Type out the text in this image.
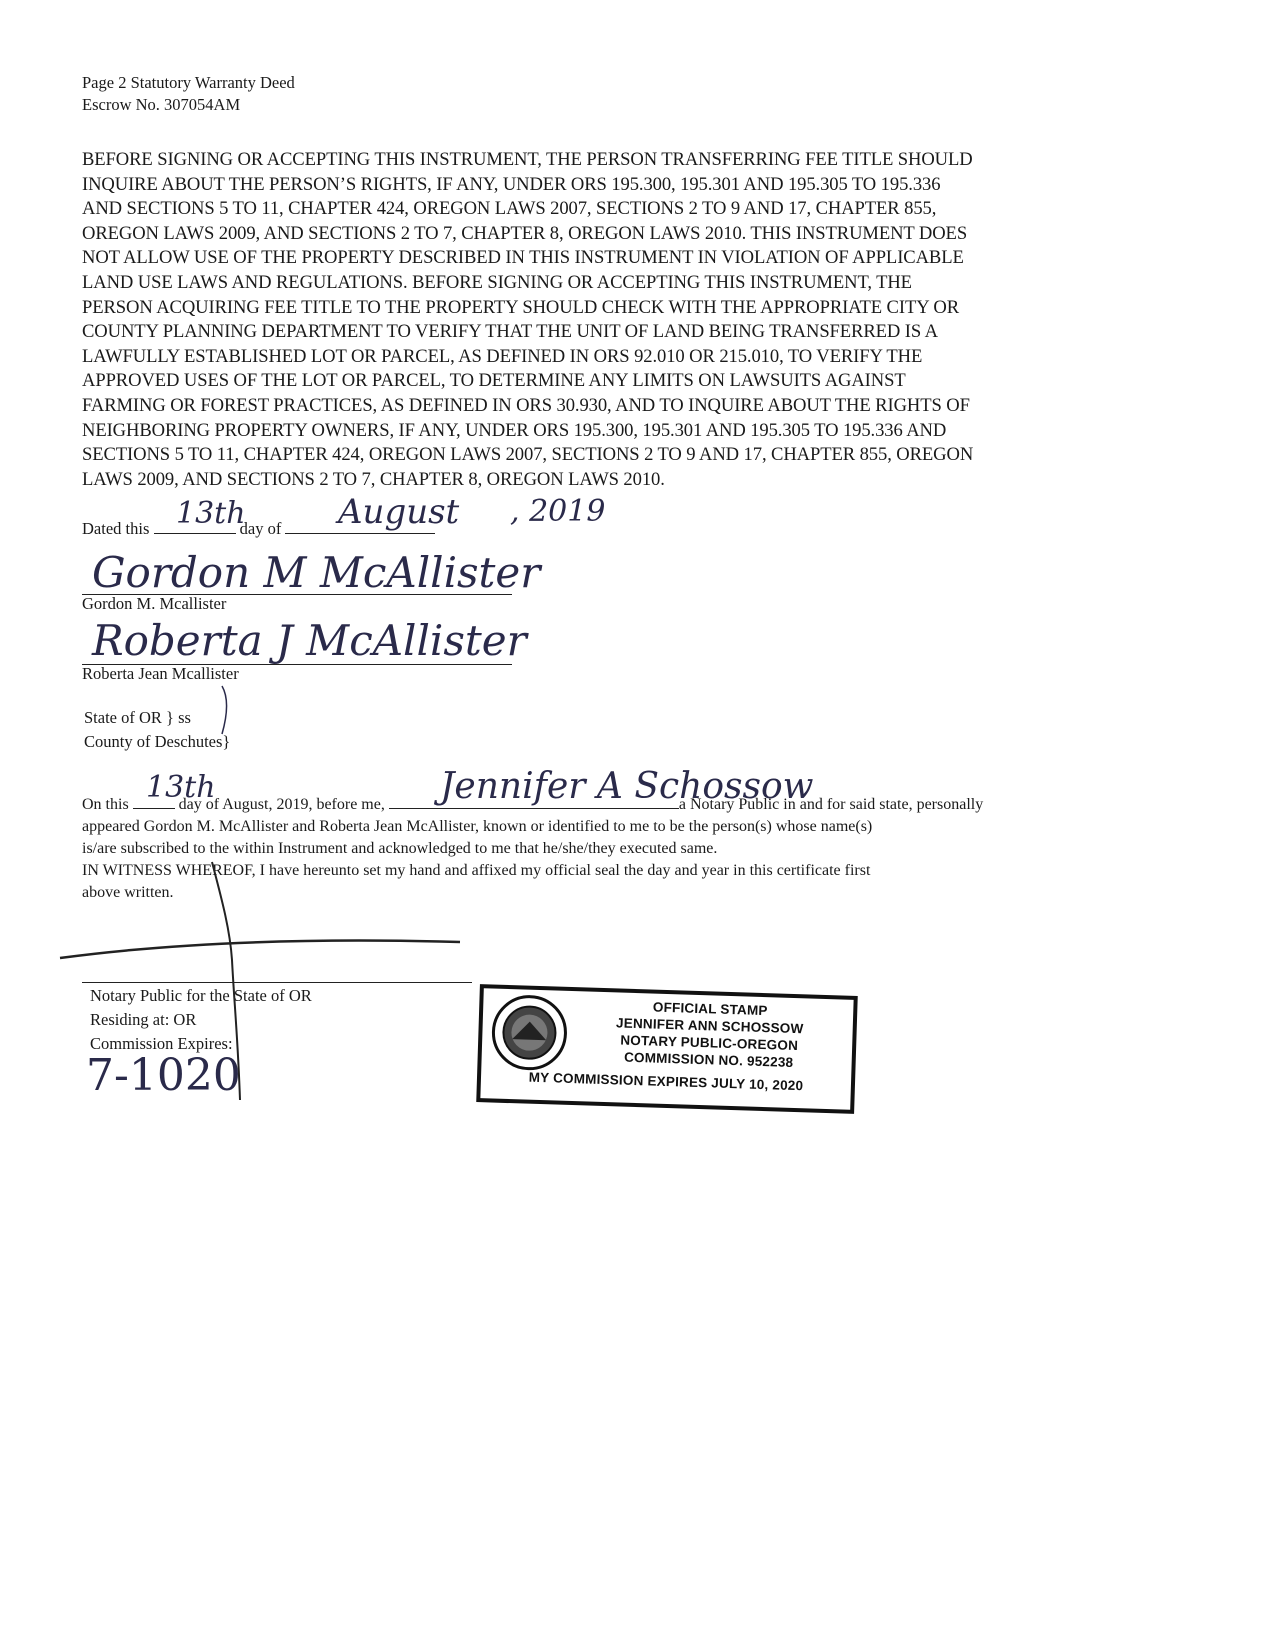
Page 2 Statutory Warranty Deed
Escrow No. 307054AM
BEFORE SIGNING OR ACCEPTING THIS INSTRUMENT, THE PERSON TRANSFERRING FEE TITLE SHOULD
INQUIRE ABOUT THE PERSON’S RIGHTS, IF ANY, UNDER ORS 195.300, 195.301 AND 195.305 TO 195.336
AND SECTIONS 5 TO 11, CHAPTER 424, OREGON LAWS 2007, SECTIONS 2 TO 9 AND 17, CHAPTER 855,
OREGON LAWS 2009, AND SECTIONS 2 TO 7, CHAPTER 8, OREGON LAWS 2010. THIS INSTRUMENT DOES
NOT ALLOW USE OF THE PROPERTY DESCRIBED IN THIS INSTRUMENT IN VIOLATION OF APPLICABLE
LAND USE LAWS AND REGULATIONS. BEFORE SIGNING OR ACCEPTING THIS INSTRUMENT, THE
PERSON ACQUIRING FEE TITLE TO THE PROPERTY SHOULD CHECK WITH THE APPROPRIATE CITY OR
COUNTY PLANNING DEPARTMENT TO VERIFY THAT THE UNIT OF LAND BEING TRANSFERRED IS A
LAWFULLY ESTABLISHED LOT OR PARCEL, AS DEFINED IN ORS 92.010 OR 215.010, TO VERIFY THE
APPROVED USES OF THE LOT OR PARCEL, TO DETERMINE ANY LIMITS ON LAWSUITS AGAINST
FARMING OR FOREST PRACTICES, AS DEFINED IN ORS 30.930, AND TO INQUIRE ABOUT THE RIGHTS OF
NEIGHBORING PROPERTY OWNERS, IF ANY, UNDER ORS 195.300, 195.301 AND 195.305 TO 195.336 AND
SECTIONS 5 TO 11, CHAPTER 424, OREGON LAWS 2007, SECTIONS 2 TO 9 AND 17, CHAPTER 855, OREGON
LAWS 2009, AND SECTIONS 2 TO 7, CHAPTER 8, OREGON LAWS 2010.
Dated this	day of
13th	August , 2019
Gordon M McAllister
Gordon M. Mcallister
Roberta J McAllister
Roberta Jean Mcallister
State of OR } ss
County of Deschutes}
On this	day of August, 2019, before me,	a Notary Public in and for said state, personally
appeared Gordon M. McAllister and Roberta Jean McAllister, known or identified to me to be the person(s) whose name(s)
is/are subscribed to the within Instrument and acknowledged to me that he/she/they executed same.
IN WITNESS WHEREOF, I have hereunto set my hand and affixed my official seal the day and year in this certificate first
above written.
13th	Jennifer A Schossow
Notary Public for the State of OR
Residing at: OR
Commission Expires:
7-1020
OFFICIAL STAMP
JENNIFER ANN SCHOSSOW
NOTARY PUBLIC-OREGON
COMMISSION NO. 952238
MY COMMISSION EXPIRES JULY 10, 2020
